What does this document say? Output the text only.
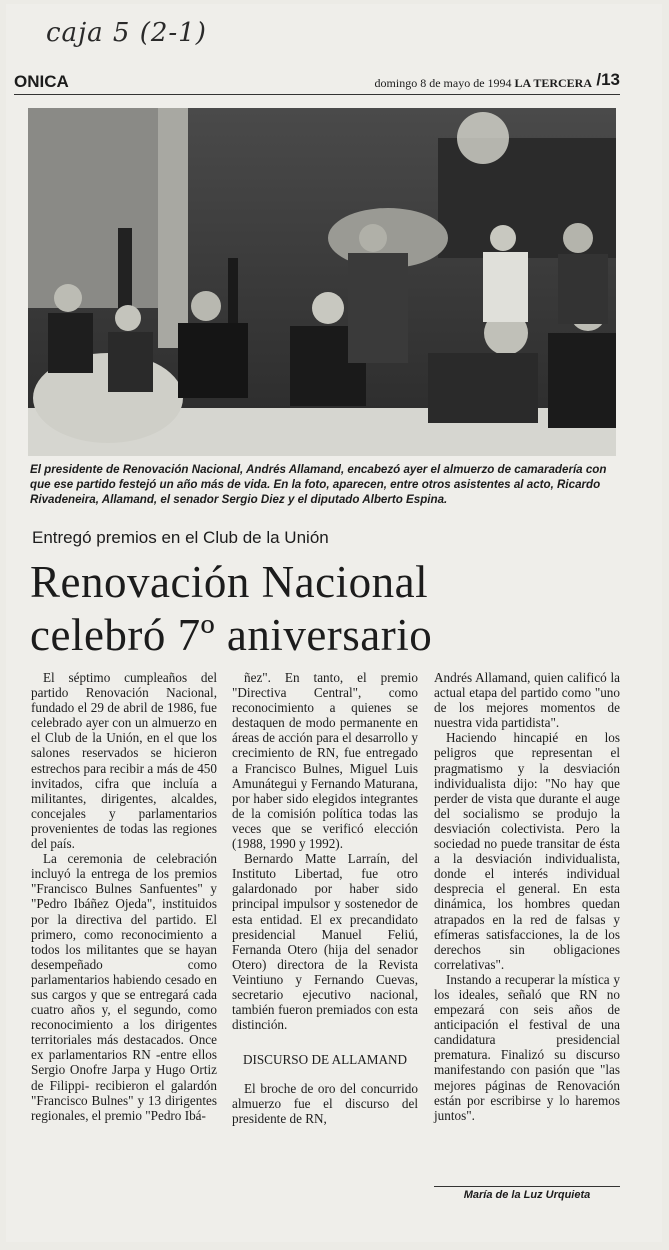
caja 5 (2-1)
ONICA	domingo 8 de mayo de 1994 LA TERCERA /13
El presidente de Renovación Nacional, Andrés Allamand, encabezó ayer el almuerzo de camaradería con que ese partido festejó un año más de vida. En la foto, aparecen, entre otros asistentes al acto, Ricardo Rivadeneira, Allamand, el senador Sergio Diez y el diputado Alberto Espina.
Entregó premios en el Club de la Unión
Renovación Nacional
celebró 7º aniversario

El séptimo cumpleaños del partido Renovación Nacional, fundado el 29 de abril de 1986, fue celebrado ayer con un almuerzo en el Club de la Unión, en el que los salones reservados se hicieron estrechos para recibir a más de 450 invitados, cifra que incluía a militantes, dirigentes, alcaldes, concejales y parlamentarios provenientes de todas las regiones del país.

La ceremonia de celebración incluyó la entrega de los premios "Francisco Bulnes Sanfuentes" y "Pedro Ibáñez Ojeda", instituidos por la directiva del partido. El primero, como reconocimiento a todos los militantes que se hayan desempeñado como parlamentarios habiendo cesado en sus cargos y que se entregará cada cuatro años y, el segundo, como reconocimiento a los dirigentes territoriales más destacados. Once ex parlamentarios RN -entre ellos Sergio Onofre Jarpa y Hugo Ortiz de Filippi- recibieron el galardón "Francisco Bulnes" y 13 dirigentes regionales, el premio "Pedro Ibá-

ñez". En tanto, el premio "Directiva Central", como reconocimiento a quienes se destaquen de modo permanente en áreas de acción para el desarrollo y crecimiento de RN, fue entregado a Francisco Bulnes, Miguel Luis Amunátegui y Fernando Maturana, por haber sido elegidos integrantes de la comisión política todas las veces que se verificó elección (1988, 1990 y 1992).

Bernardo Matte Larraín, del Instituto Libertad, fue otro galardonado por haber sido principal impulsor y sostenedor de esta entidad. El ex precandidato presidencial Manuel Feliú, Fernanda Otero (hija del senador Otero) directora de la Revista Veintiuno y Fernando Cuevas, secretario ejecutivo nacional, también fueron premiados con esta distinción.

DISCURSO DE ALLAMAND

El broche de oro del concurrido almuerzo fue el discurso del presidente de RN,

Andrés Allamand, quien calificó la actual etapa del partido como "uno de los mejores momentos de nuestra vida partidista".

Haciendo hincapié en los peligros que representan el pragmatismo y la desviación individualista dijo: "No hay que perder de vista que durante el auge del socialismo se produjo la desviación colectivista. Pero la sociedad no puede transitar de ésta a la desviación individualista, donde el interés individual desprecia el general. En esta dinámica, los hombres quedan atrapados en la red de falsas y efímeras satisfacciones, la de los derechos sin obligaciones correlativas".

Instando a recuperar la mística y los ideales, señaló que RN no empezará con seis años de anticipación el festival de una candidatura presidencial prematura. Finalizó su discurso manifestando con pasión que "las mejores páginas de Renovación están por escribirse y lo haremos juntos".

María de la Luz Urquieta
